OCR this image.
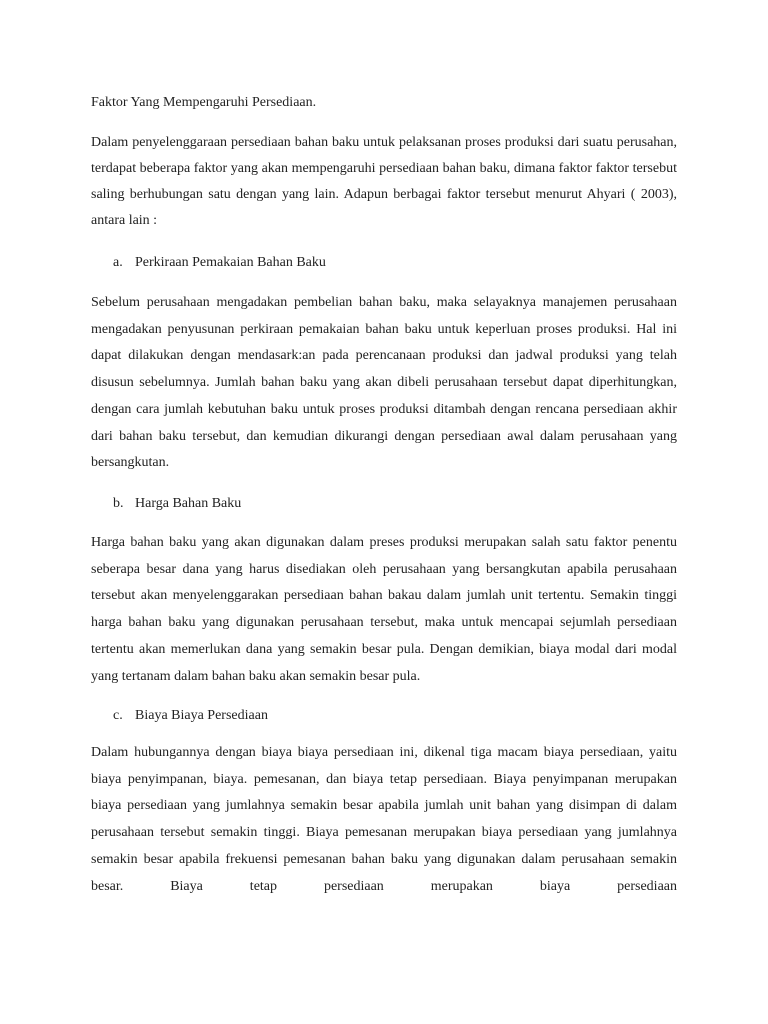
Faktor Yang Mempengaruhi Persediaan.

Dalam penyelenggaraan persediaan bahan baku untuk pelaksanan proses produksi dari suatu perusahan, terdapat beberapa faktor yang akan mempengaruhi persediaan bahan baku, dimana faktor faktor tersebut saling berhubungan satu dengan yang lain. Adapun berbagai faktor tersebut menurut Ahyari ( 2003), antara lain :

a. Perkiraan Pemakaian Bahan Baku

Sebelum perusahaan mengadakan pembelian bahan baku, maka selayaknya manajemen perusahaan mengadakan penyusunan perkiraan pemakaian bahan baku untuk keperluan proses produksi. Hal ini dapat dilakukan dengan mendasark:an pada perencanaan produksi dan jadwal produksi yang telah disusun sebelumnya. Jumlah bahan baku yang akan dibeli perusahaan tersebut dapat diperhitungkan, dengan cara jumlah kebutuhan baku untuk proses produksi ditambah dengan rencana persediaan akhir dari bahan baku tersebut, dan kemudian dikurangi dengan persediaan awal dalam perusahaan yang bersangkutan.

b. Harga Bahan Baku

Harga bahan baku yang akan digunakan dalam preses produksi merupakan salah satu faktor penentu seberapa besar dana yang harus disediakan oleh perusahaan yang bersangkutan apabila perusahaan tersebut akan menyelenggarakan persediaan bahan bakau dalam jumlah unit tertentu. Semakin tinggi harga bahan baku yang digunakan perusahaan tersebut, maka untuk mencapai sejumlah persediaan tertentu akan memerlukan dana yang semakin besar pula. Dengan demikian, biaya modal dari modal yang tertanam dalam bahan baku akan semakin besar pula.

c. Biaya Biaya Persediaan

Dalam hubungannya dengan biaya biaya persediaan ini, dikenal tiga macam biaya persediaan, yaitu biaya penyimpanan, biaya. pemesanan, dan biaya tetap persediaan. Biaya penyimpanan merupakan biaya persediaan yang jumlahnya semakin besar apabila jumlah unit bahan yang disimpan di dalam perusahaan tersebut semakin tinggi. Biaya pemesanan merupakan biaya persediaan yang jumlahnya semakin besar apabila frekuensi pemesanan bahan baku yang digunakan dalam perusahaan semakin besar. Biaya tetap persediaan merupakan biaya persediaan
